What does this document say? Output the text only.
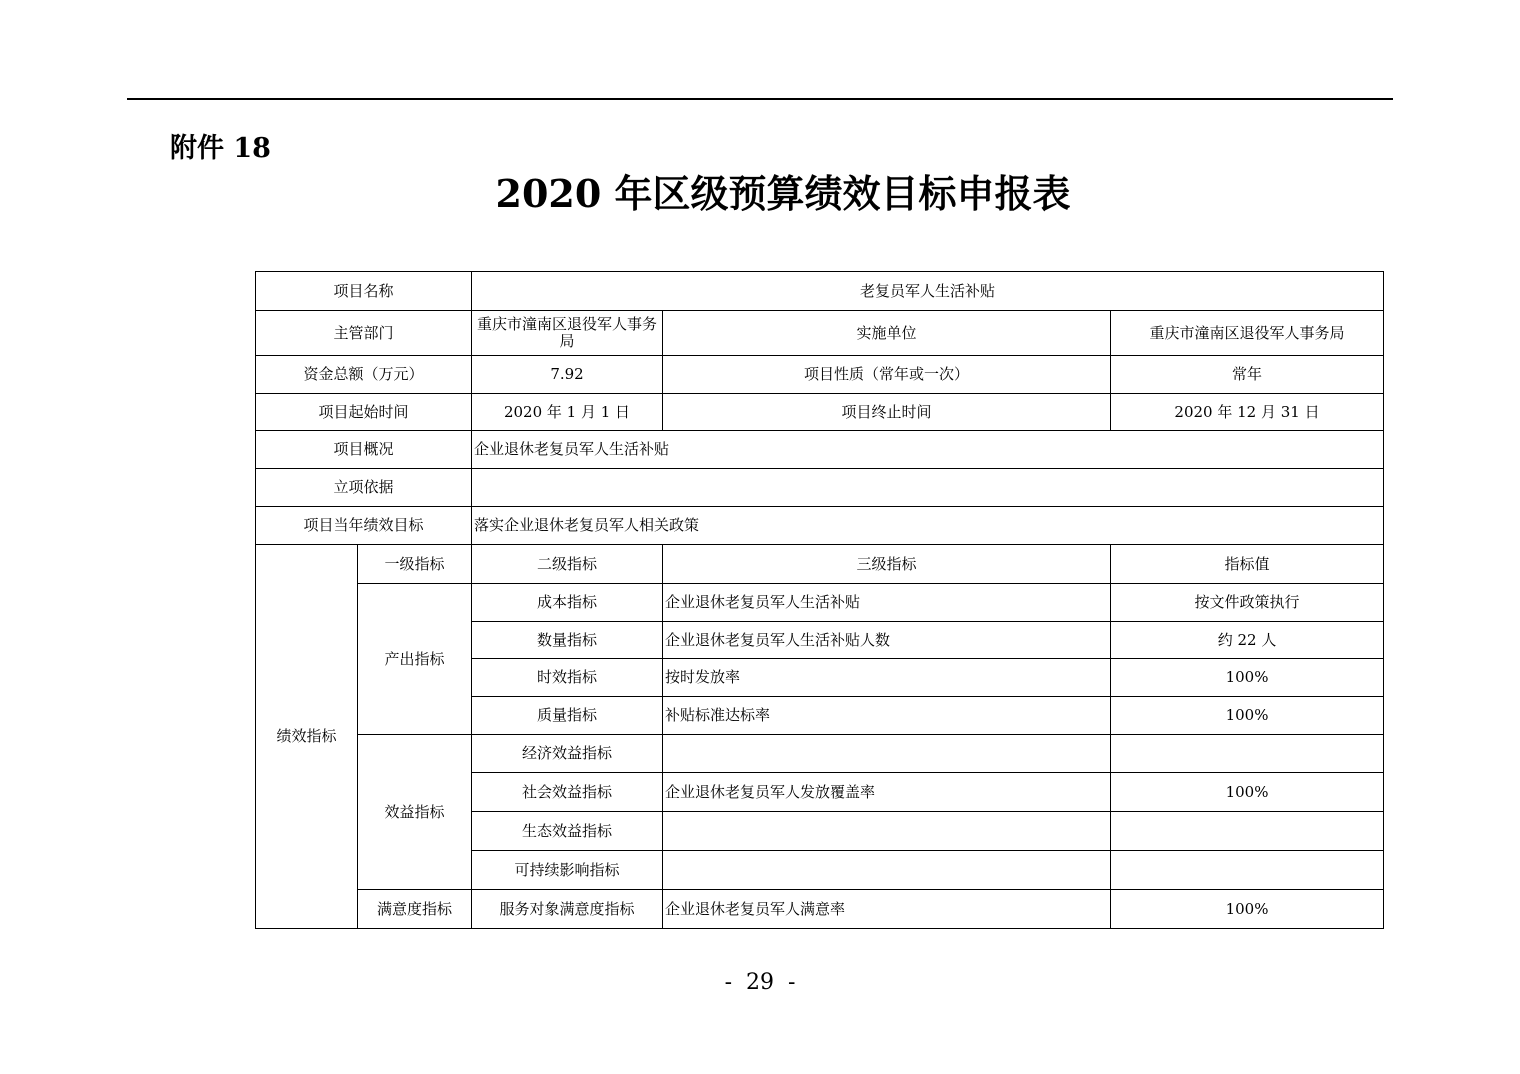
附件 18
2020 年区级预算绩效目标申报表
项目名称		老复员军人生活补贴		
主管部门		重庆市潼南区退役军人事务局	实施单位	重庆市潼南区退役军人事务局
资金总额（万元）		7.92	项目性质（常年或一次）	常年
项目起始时间		2020 年 1 月 1 日	项目终止时间	2020 年 12 月 31 日
项目概况		企业退休老复员军人生活补贴		
立项依据				
项目当年绩效目标		落实企业退休老复员军人相关政策		
绩效指标	一级指标	二级指标	三级指标	指标值
	产出指标	成本指标	企业退休老复员军人生活补贴	按文件政策执行
		数量指标	企业退休老复员军人生活补贴人数	约 22 人
		时效指标	按时发放率	100%
		质量指标	补贴标准达标率	100%
	效益指标	经济效益指标		
		社会效益指标	企业退休老复员军人发放覆盖率	100%
		生态效益指标		
		可持续影响指标		
	满意度指标	服务对象满意度指标	企业退休老复员军人满意率	100%
-  29  -
